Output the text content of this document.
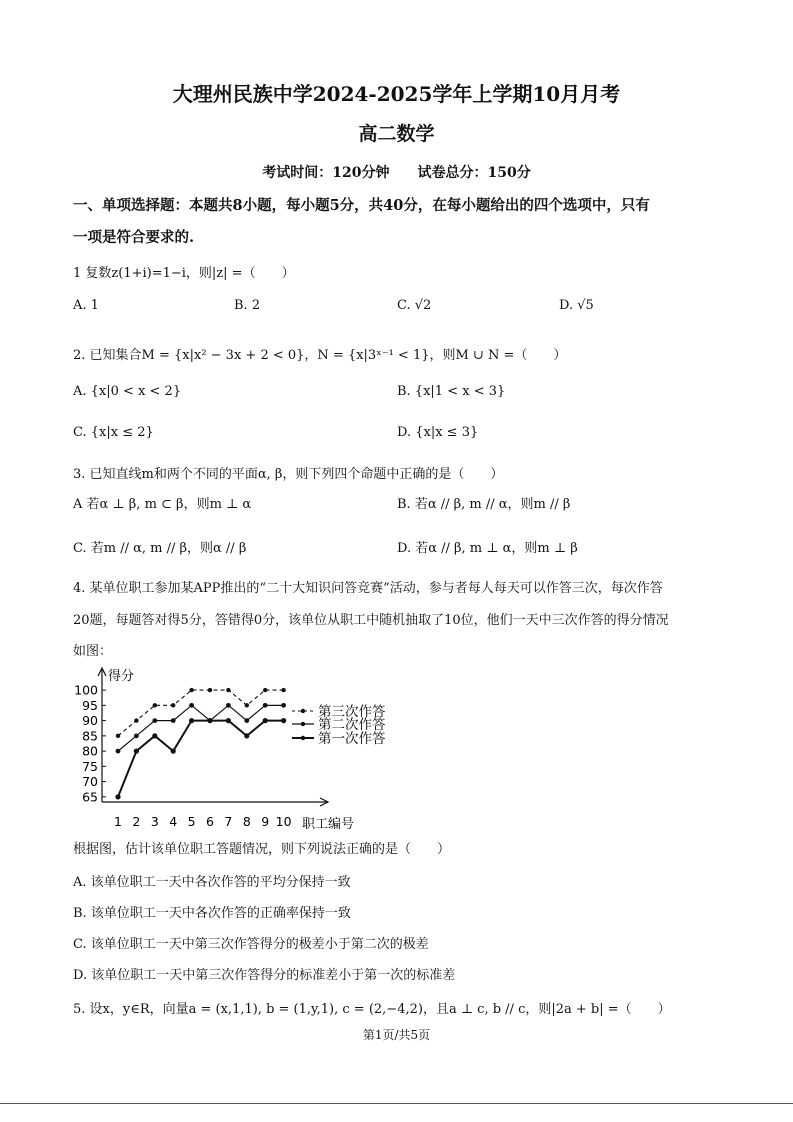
大理州民族中学2024-2025学年上学期10月月考
高二数学
考试时间：120分钟　　试卷总分：150分
一、单项选择题：本题共8小题，每小题5分，共40分，在每小题给出的四个选项中，只有
一项是符合要求的.
1 复数z(1+i)=1−i，则|z| =（　　）
A. 1	B. 2	C. √2	D. √5
2. 已知集合M = {x|x² − 3x + 2 < 0}，N = {x|3ˣ⁻¹ < 1}，则M ∪ N =（　　）
A. {x|0 < x < 2}	B. {x|1 < x < 3}
C. {x|x ≤ 2}	D. {x|x ≤ 3}
3. 已知直线m和两个不同的平面α, β，则下列四个命题中正确的是（　　）
A 若α ⊥ β, m ⊂ β，则m ⊥ α	B. 若α // β, m // α，则m // β
C. 若m // α, m // β，则α // β	D. 若α // β, m ⊥ α，则m ⊥ β
4. 某单位职工参加某APP推出的“二十大知识问答竞赛”活动，参与者每人每天可以作答三次，每次作答
20题，每题答对得5分，答错得0分，该单位从职工中随机抽取了10位，他们一天中三次作答的得分情况
如图：
得分
职工编号
65
70
75
80
85
90
95
100
1 2 3 4 5 6 7 8 9 10
第三次作答
第二次作答
第一次作答
根据图，估计该单位职工答题情况，则下列说法正确的是（　　）
A. 该单位职工一天中各次作答的平均分保持一致
B. 该单位职工一天中各次作答的正确率保持一致
C. 该单位职工一天中第三次作答得分的极差小于第二次的极差
D. 该单位职工一天中第三次作答得分的标准差小于第一次的标准差
5. 设x，y∈R，向量a = (x,1,1), b = (1,y,1), c = (2,−4,2)，且a ⊥ c, b // c，则|2a + b| =（　　）
第1页/共5页
